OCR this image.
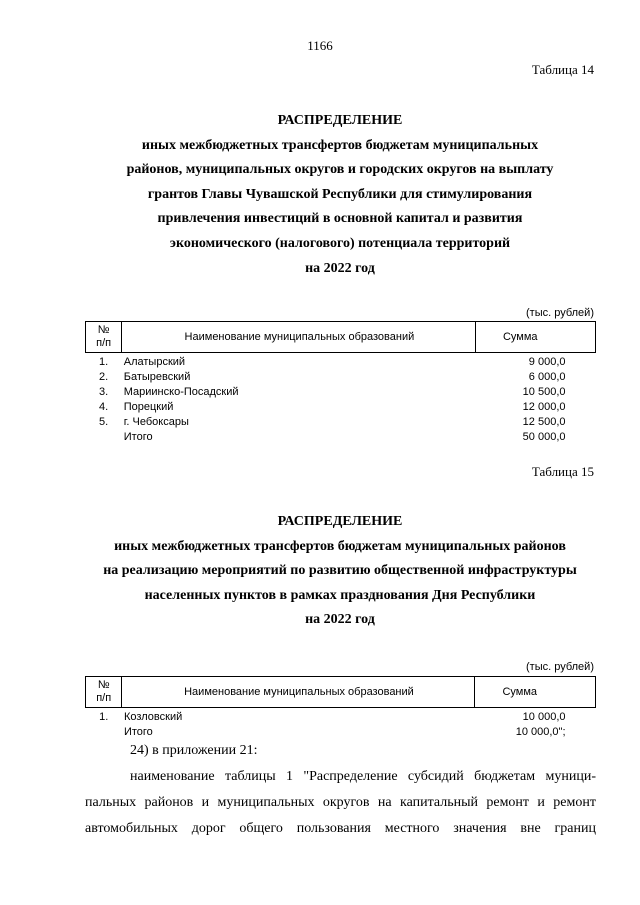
1166
Таблица 14
РАСПРЕДЕЛЕНИЕ
иных межбюджетных трансфертов бюджетам муниципальных
районов, муниципальных округов и городских округов на выплату
грантов Главы Чувашской Республики для стимулирования
привлечения инвестиций в основной капитал и развития
экономического (налогового) потенциала территорий
на 2022 год
(тыс. рублей)
№
п/п	Наименование муниципальных образований	Сумма

1.	Алатырский	9 000,0
2.	Батыревский	6 000,0
3.	Мариинско-Посадский	10 500,0
4.	Порецкий	12 000,0
5.	г. Чебоксары	12 500,0
	Итого	50 000,0
Таблица 15
РАСПРЕДЕЛЕНИЕ
иных межбюджетных трансфертов бюджетам муниципальных районов
на реализацию мероприятий по развитию общественной инфраструктуры
населенных пунктов в рамках празднования Дня Республики
на 2022 год
(тыс. рублей)
№
п/п	Наименование муниципальных образований	Сумма

1.	Козловский	10 000,0
	Итого	10 000,0";
24) в приложении 21:
наименование таблицы 1 "Распределение субсидий бюджетам муници-
пальных районов и муниципальных округов на капитальный ремонт и ремонт
автомобильных дорог общего пользования местного значения вне границ
